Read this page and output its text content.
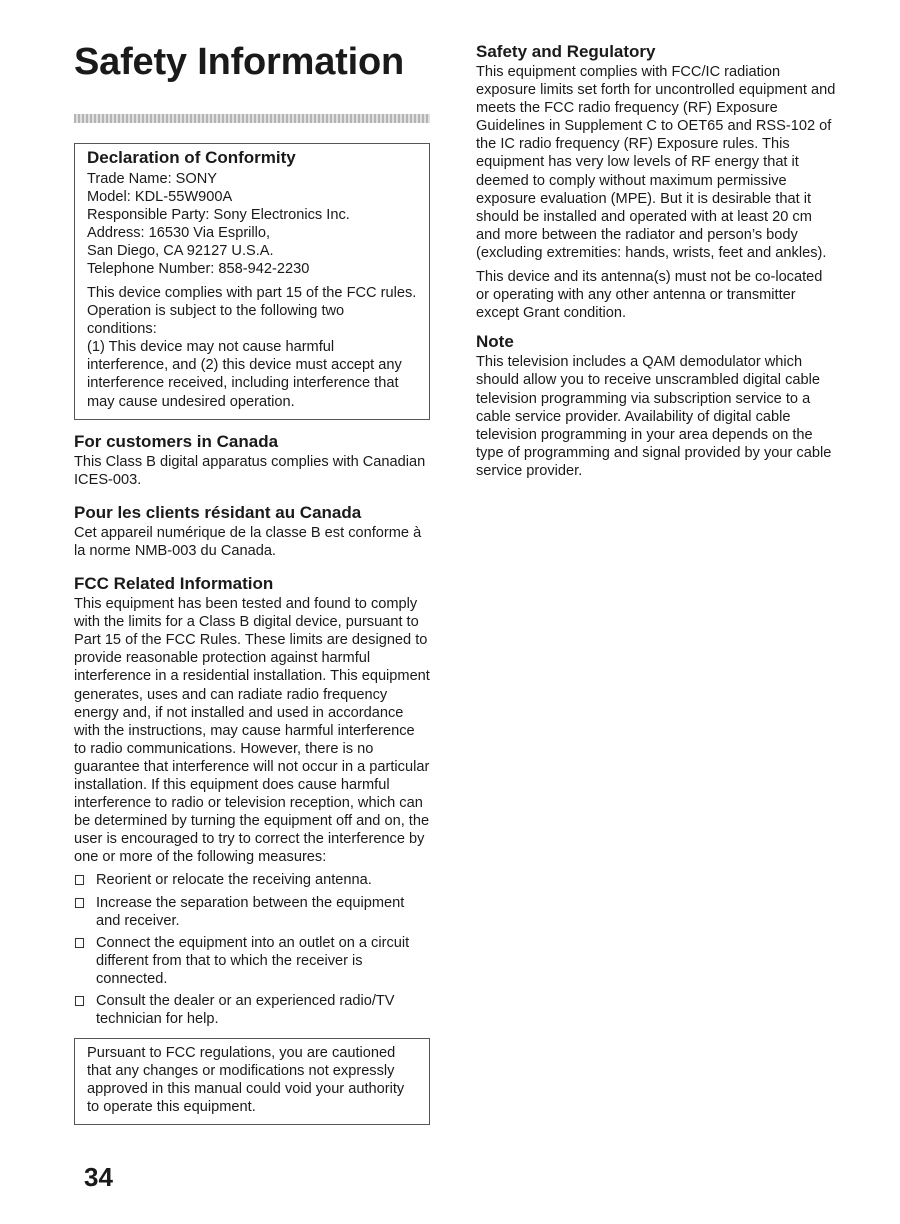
Safety Information
Declaration of Conformity
Trade Name: SONY
Model: KDL-55W900A
Responsible Party: Sony Electronics Inc.
Address: 16530 Via Esprillo,
San Diego, CA 92127 U.S.A.
Telephone Number: 858-942-2230

This device complies with part 15 of the FCC rules. Operation is subject to the following two conditions:

(1) This device may not cause harmful interference, and (2) this device must accept any interference received, including interference that may cause undesired operation.

For customers in Canada

This Class B digital apparatus complies with Canadian ICES-003.

Pour les clients résidant au Canada

Cet appareil numérique de la classe B est conforme à la norme NMB-003 du Canada.

FCC Related Information

This equipment has been tested and found to comply with the limits for a Class B digital device, pursuant to Part 15 of the FCC Rules. These limits are designed to provide reasonable protection against harmful interference in a residential installation. This equipment generates, uses and can radiate radio frequency energy and, if not installed and used in accordance with the instructions, may cause harmful interference to radio communications. However, there is no guarantee that interference will not occur in a particular installation. If this equipment does cause harmful interference to radio or television reception, which can be determined by turning the equipment off and on, the user is encouraged to try to correct the interference by one or more of the following measures:

Reorient or relocate the receiving antenna.
Increase the separation between the equipment and receiver.
Connect the equipment into an outlet on a circuit different from that to which the receiver is connected.
Consult the dealer or an experienced radio/TV technician for help.

Pursuant to FCC regulations, you are cautioned that any changes or modifications not expressly approved in this manual could void your authority to operate this equipment.

Safety and Regulatory

This equipment complies with FCC/IC radiation exposure limits set forth for uncontrolled equipment and meets the FCC radio frequency (RF) Exposure Guidelines in Supplement C to OET65 and RSS-102 of the IC radio frequency (RF) Exposure rules. This equipment has very low levels of RF energy that it deemed to comply without maximum permissive exposure evaluation (MPE). But it is desirable that it should be installed and operated with at least 20 cm and more between the radiator and person’s body (excluding extremities: hands, wrists, feet and ankles).

This device and its antenna(s) must not be co-located or operating with any other antenna or transmitter except Grant condition.

Note

This television includes a QAM demodulator which should allow you to receive unscrambled digital cable television programming via subscription service to a cable service provider. Availability of digital cable television programming in your area depends on the type of programming and signal provided by your cable service provider.

34
